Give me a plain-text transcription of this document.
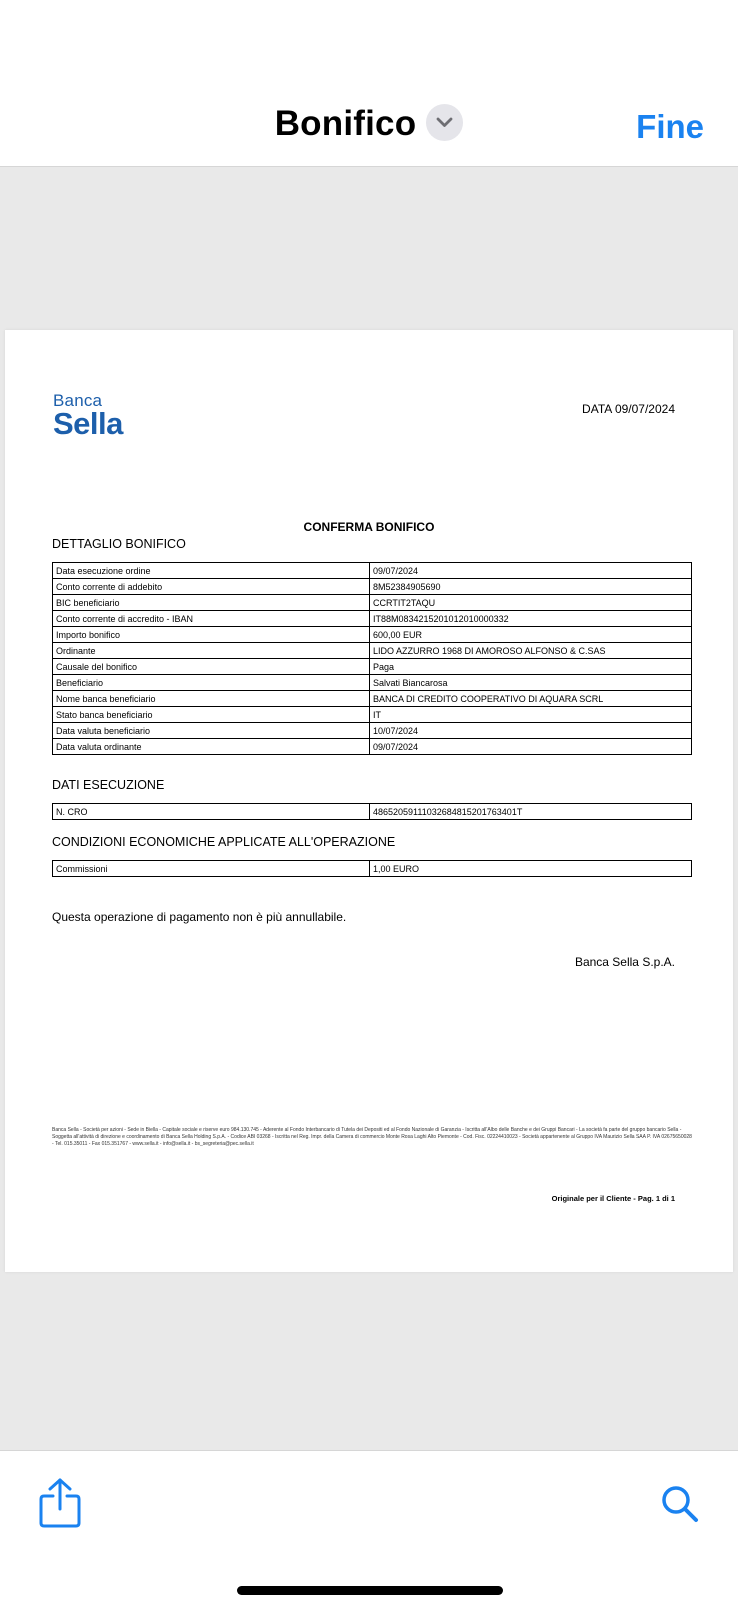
Bonifico	Fine
Banca
Sella	DATA 09/07/2024
CONFERMA BONIFICO
DETTAGLIO BONIFICO
Data esecuzione ordine	09/07/2024
Conto corrente di addebito	8M52384905690
BIC beneficiario	CCRTIT2TAQU
Conto corrente di accredito - IBAN	IT88M0834215201012010000332
Importo bonifico	600,00 EUR
Ordinante	LIDO AZZURRO 1968 DI AMOROSO ALFONSO & C.SAS
Causale del bonifico	Paga
Beneficiario	Salvati Biancarosa
Nome banca beneficiario	BANCA DI CREDITO COOPERATIVO DI AQUARA SCRL
Stato banca beneficiario	IT
Data valuta beneficiario	10/07/2024
Data valuta ordinante	09/07/2024
DATI ESECUZIONE
N. CRO	48652059111032684815201763401T
CONDIZIONI ECONOMICHE APPLICATE ALL'OPERAZIONE
Commissioni	1,00 EURO
Questa operazione di pagamento non è più annullabile.
Banca Sella S.p.A.
Banca Sella - Società per azioni - Sede in Biella - Capitale sociale e riserve euro 984.130.745 - Aderente al Fondo Interbancario di Tutela dei Depositi ed al Fondo Nazionale di Garanzia - Iscritta all'Albo delle Banche e dei Gruppi Bancari - La società fa parte del gruppo bancario Sella - Soggetta all'attività di direzione e coordinamento di Banca Sella Holding S.p.A. - Codice ABI 03268 - Iscritta nel Reg. Impr. della Camera di commercio Monte Rosa Laghi Alto Piemonte - Cod. Fisc. 02224410023 - Società appartenente al Gruppo IVA Maurizio Sella SAA P. IVA 02675650028 - Tel. 015.35011 - Fax 015.351767 - www.sella.it - info@sella.it - bs_segreteria@pec.sella.it
Originale per il Cliente - Pag. 1 di 1
